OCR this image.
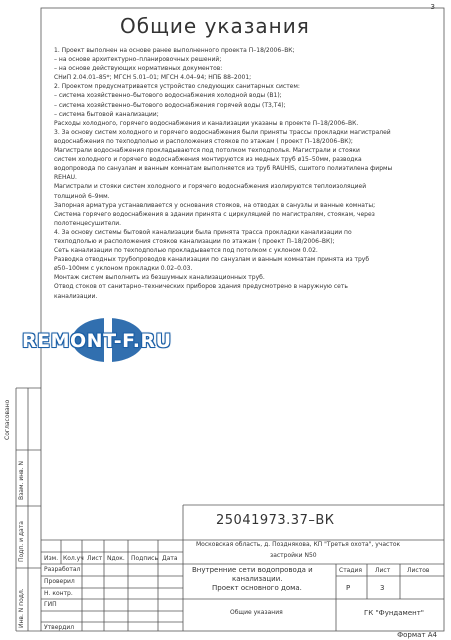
3
Общие указания
1. Проект выполнен на основе ранее выполненного проекта П–18/2006–ВК;
– на основе архитектурно–планировочных решений;
– на основе действующих нормативных документов:
СНиП 2.04.01–85*; МГСН 5.01–01; МГСН 4.04–94; НПБ 88–2001;
2. Проектом предусматривается устройство следующих санитарных систем:
– система хозяйственно–бытового водоснабжения холодной воды (В1);
– система хозяйственно–бытового водоснабжения горячей воды (Т3,Т4);
– система бытовой канализации;
Расходы холодного, горячего водоснабжения и канализации указаны в проекте П–18/2006–ВК.
3. За основу систем холодного и горячего водоснабжения были приняты трассы прокладки магистралей
водоснабжения по техподполью и расположения стояков по этажам ( проект П–18/2006–ВК);
Магистрали водоснабжения прокладываются под потолком техподполья. Магистрали и стояки
систем холодного и горячего водоснабжения монтируются из медных труб ø15–50мм, разводка
водопровода по санузлам и ванным комнатам выполняется из труб RAUHIS, сшитого полиэтилена фирмы
REHAU.
Магистрали и стояки систем холодного и горячего водоснабжения изолируются теплоизоляцией
толщиной 6–9мм.
Запорная арматура устанавливается у основания стояков, на отводах в санузлы и ванные комнаты;
Система горячего водоснабжения в здании принята с циркуляцией по магистралям, стоякам, через
полотенцесушители.
4. За основу системы бытовой канализации была принята трасса прокладки канализации по
техподполью и расположения стояков канализации по этажам ( проект П–18/2006–ВК);
Сеть канализации по техподполью прокладывается под потолком с уклоном 0.02.
Разводка отводных трубопроводов канализации по санузлам и ванным комнатам принята из труб
ø50–100мм с уклоном прокладки 0.02–0.03.
Монтаж систем выполнить из безшумных канализационных труб.
Отвод стоков от санитарно–технических приборов здания предусмотрено в наружную сеть
канализации.
REMONT-F.RU
Согласовано
Взам. инв. N
Подп. и дата
Инв. N подл.
25041973.37–ВК
Московская область, д. Позднякова, КП "Третья охота", участок
застройки N50
Изм. Кол.уч Лист Nдок. Подпись Дата
Разработал
Проверил
Н. контр.
ГИП
Утвердил
Внутренние сети водопровода и
канализации.
Проект основного дома.
Общие указания
Стадия Лист	Листов
Р	3
ГК "Фундамент"
Формат А4
